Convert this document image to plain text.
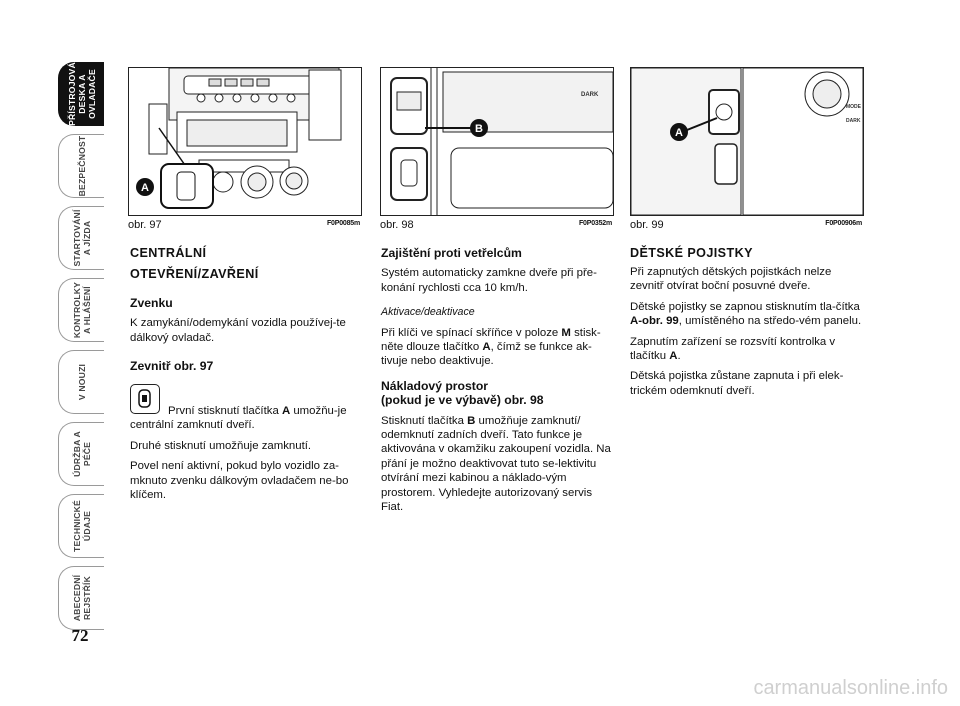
PŘÍSTROJOVÁ
DESKA A
OVLADAČE
BEZPEČNOST
STARTOVÁNÍ
A JÍZDA
KONTROLKY
A HLÁŠENÍ
V NOUZI
ÚDRŽBA A
PÉČE
TECHNICKÉ
ÚDAJE
ABECEDNÍ
REJSTŘÍK
72
A
obr. 97	F0P0085m
DARK
B
obr. 98	F0P0352m
MODE
DARK
A
obr. 99	F0P00906m

CENTRÁLNÍ

OTEVŘENÍ/ZAVŘENÍ

Zvenku

K zamykání/odemykání vozidla používej-te dálkový ovladač.

Zevnitř obr. 97

První stisknutí tlačítka A umožňu-je centrální zamknutí dveří.

Druhé stisknutí umožňuje zamknutí.

Povel není aktivní, pokud bylo vozidlo za-mknuto zvenku dálkovým ovladačem ne-bo klíčem.

Zajištění proti vetřelcům

Systém automaticky zamkne dveře při pře-konání rychlosti cca 10 km/h.

Aktivace/deaktivace

Při klíči ve spínací skříňce v poloze M stisk-něte dlouze tlačítko A, čímž se funkce ak-tivuje nebo deaktivuje.

Nákladový prostor

(pokud je ve výbavě) obr. 98

Stisknutí tlačítka B umožňuje zamknutí/ odemknutí zadních dveří. Tato funkce je aktivována v okamžiku zakoupení vozidla. Na přání je možno deaktivovat tuto se-lektivitu otvírání mezi kabinou a náklado-vým prostorem. Vyhledejte autorizovaný servis Fiat.

DĚTSKÉ POJISTKY

Při zapnutých dětských pojistkách nelze zevnitř otvírat boční posuvné dveře.

Dětské pojistky se zapnou stisknutím tla-čítka A-obr. 99, umístěného na středo-vém panelu.

Zapnutím zařízení se rozsvítí kontrolka v tlačítku A.

Dětská pojistka zůstane zapnuta i při elek-trickém odemknutí dveří.

carmanualsonline.info
